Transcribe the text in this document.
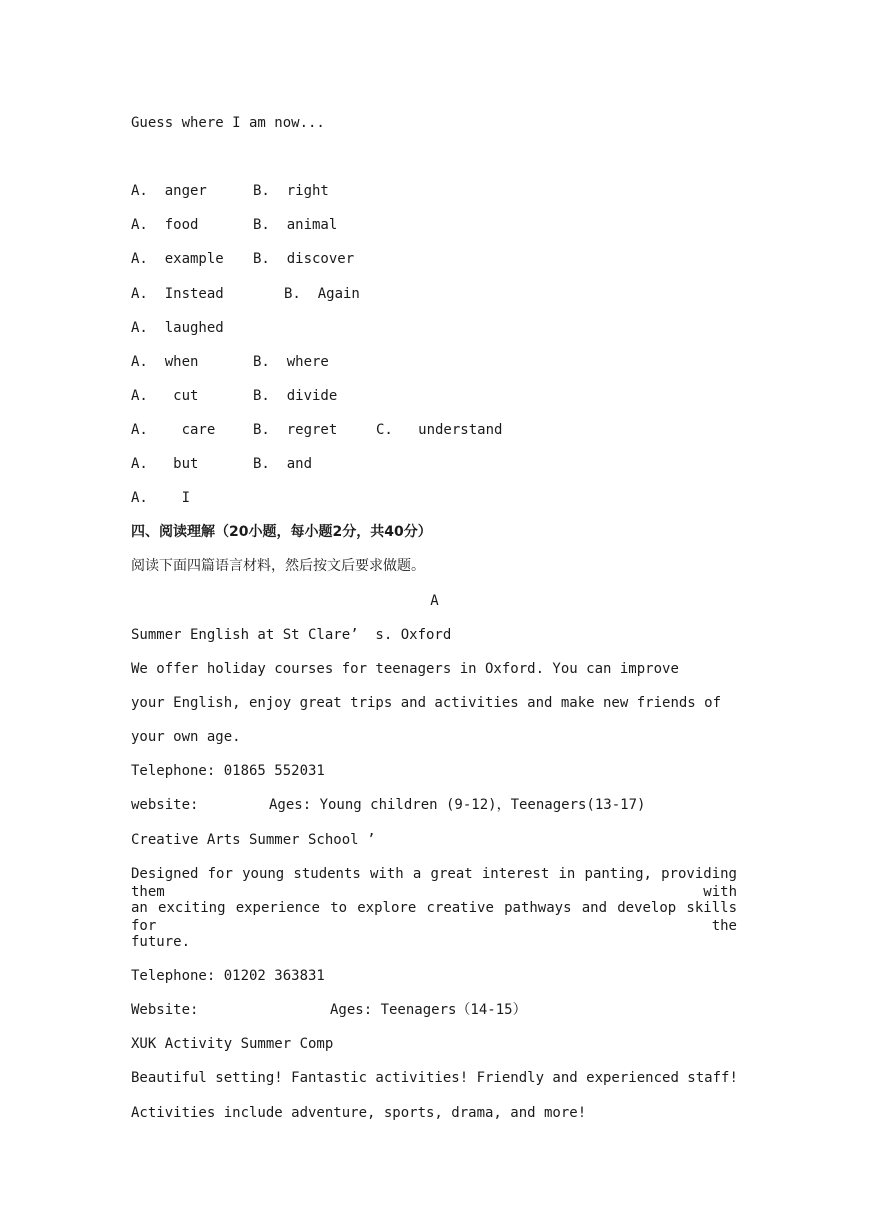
Guess where I am now...
A.  anger	B.  right
A.  food	B.  animal
A.  example B.  discover
A.  Instead	B.  Again
A.  laughed
A.  when	B.  where
A.   cut	B.  divide
A.    care	B.  regret	C.   understand
A.   but	B.  and
A.    I
四、阅读理解（20小题，每小题2分，共40分）
阅读下面四篇语言材料，然后按文后要求做题。
A
Summer English at St Clare’  s. Oxford
We offer holiday courses for teenagers in Oxford. You can improve
your English, enjoy great trips and activities and make new friends of
your own age.
Telephone: 01865 552031
website:	Ages: Young children (9-12)，Teenagers(13-17)
Creative Arts Summer School ’
Designed for young students with a great interest in panting, providing them with
an exciting experience to explore creative pathways and develop skills for the
future.
Telephone: 01202 363831
Website:	Ages: Teenagers（14-15）
XUK Activity Summer Comp
Beautiful setting! Fantastic activities! Friendly and experienced staff!
Activities include adventure, sports, drama, and more!
